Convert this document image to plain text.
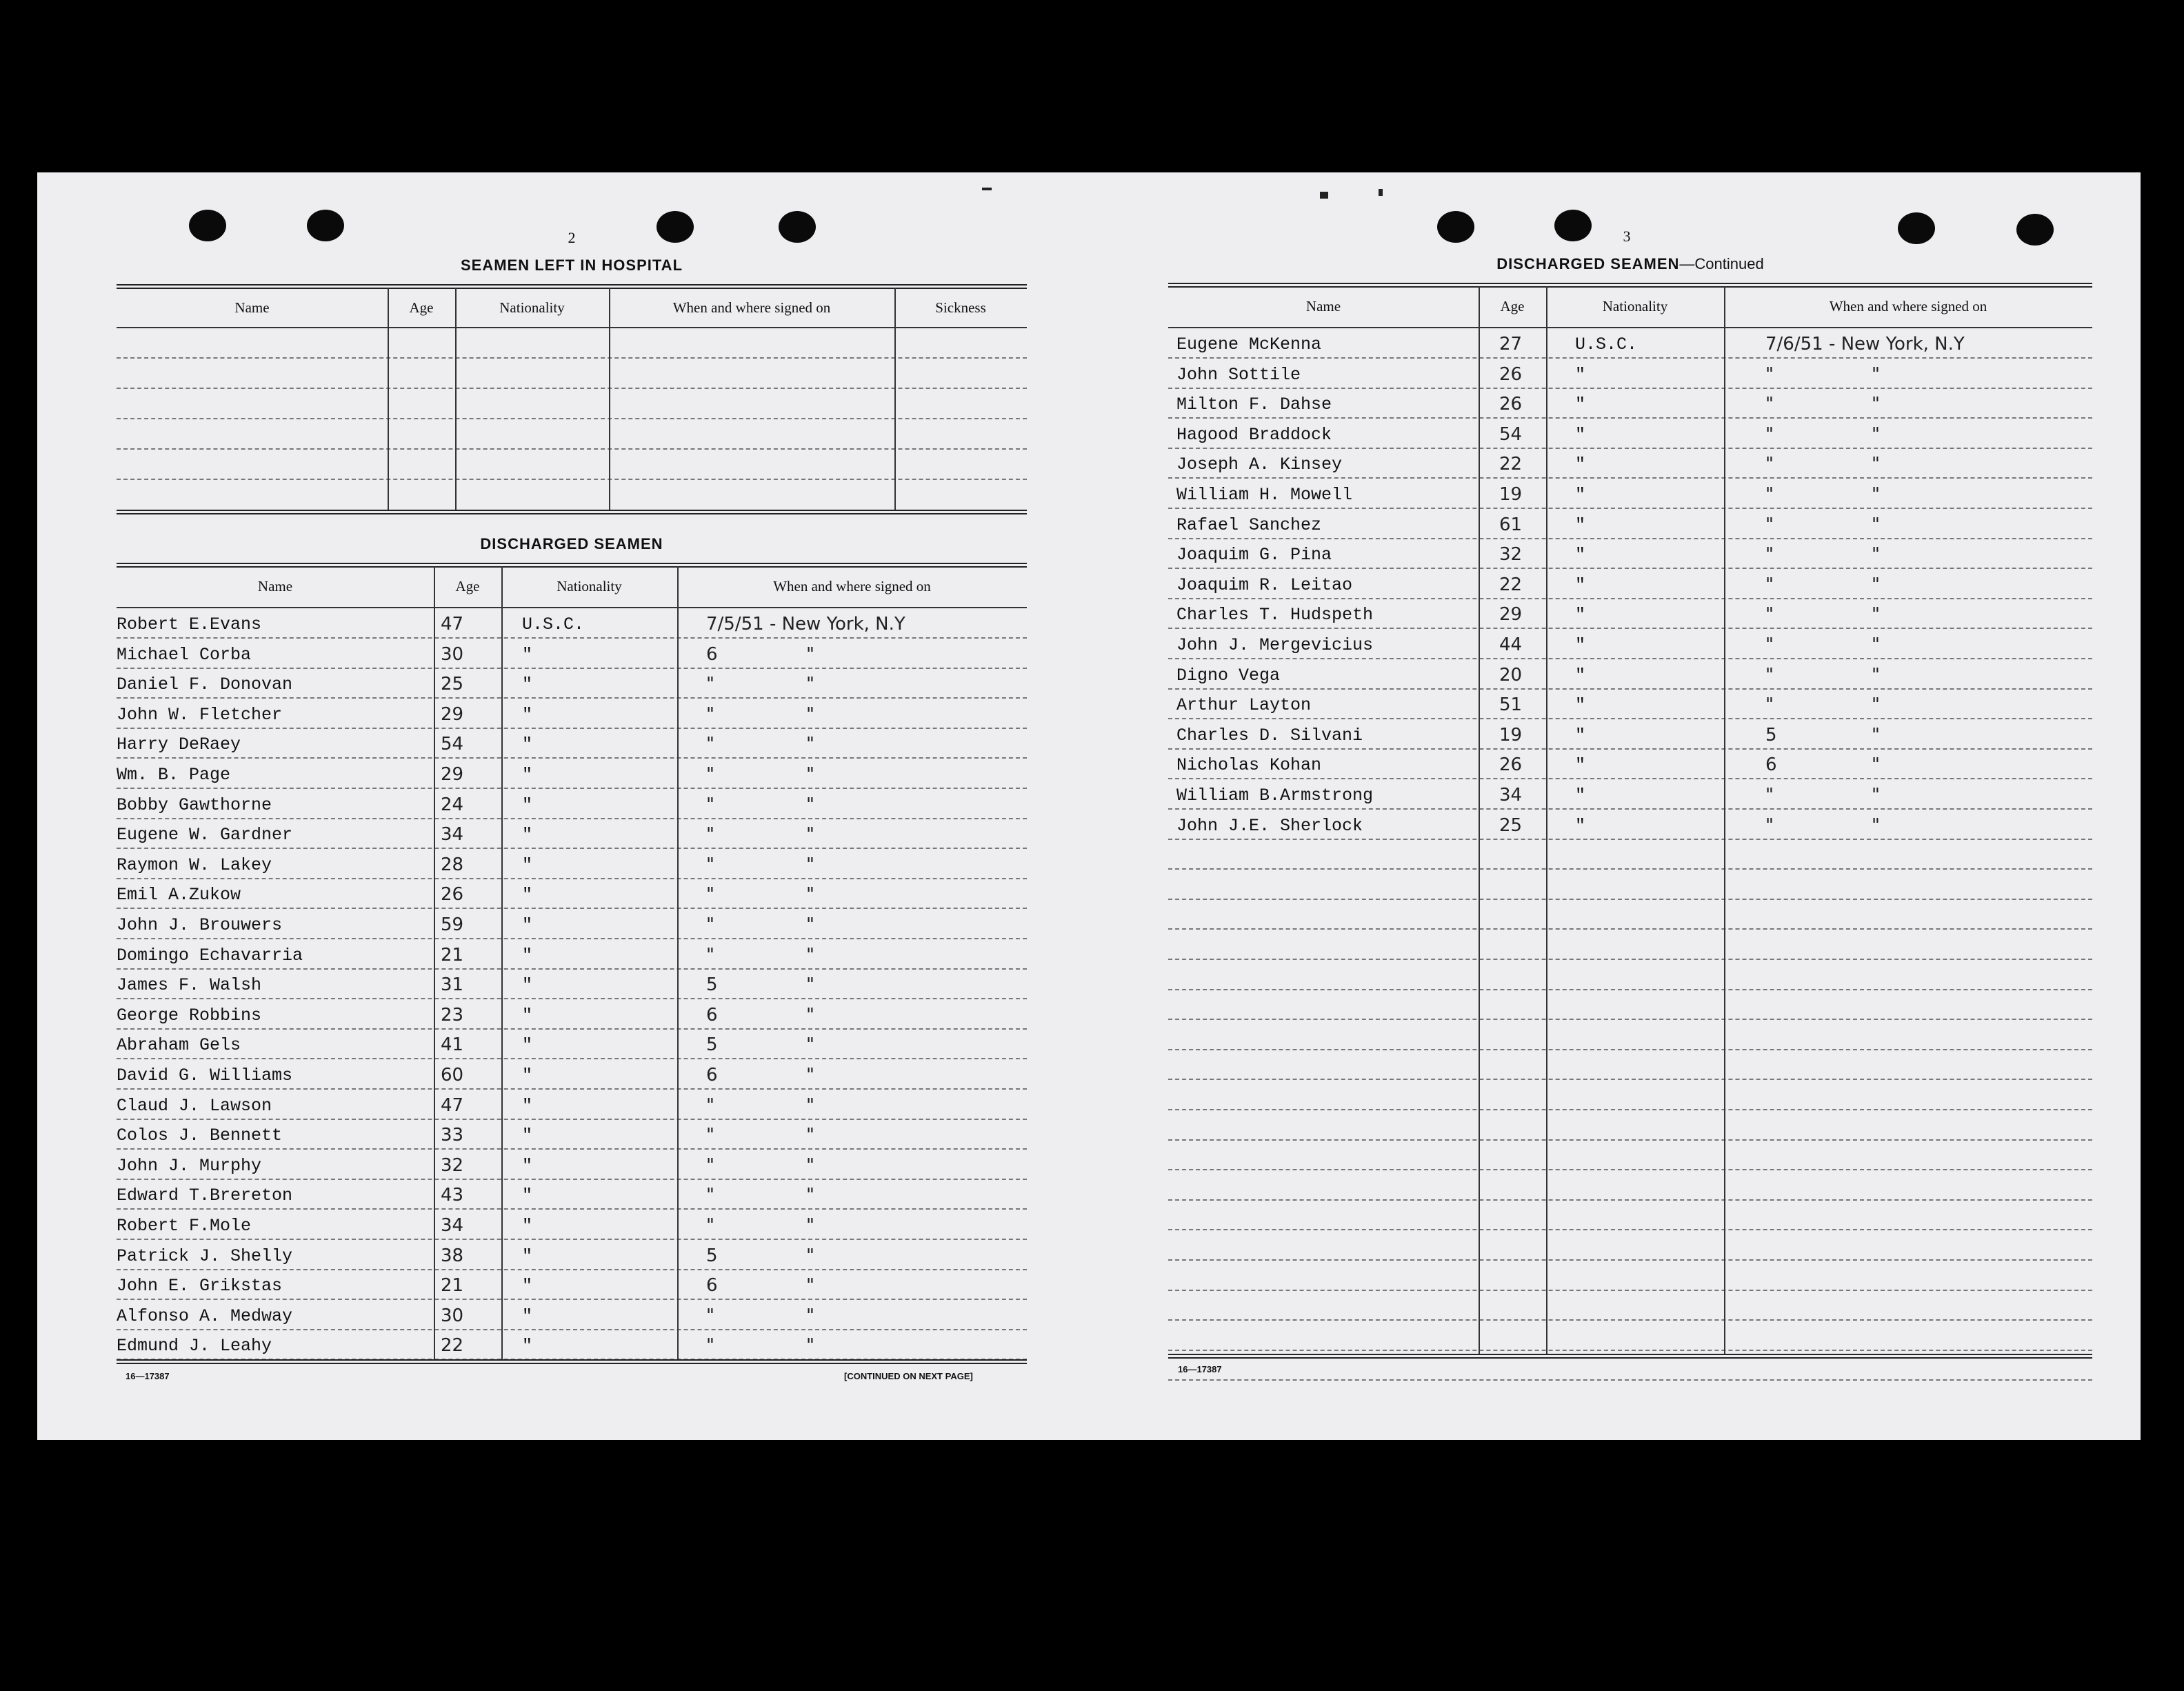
2
SEAMEN LEFT IN HOSPITAL
Name	Age	Nationality	When and where signed on	Sickness
DISCHARGED SEAMEN
Name	Age	Nationality	When and where signed on
Robert E.Evans	47	U.S.C.	7/5/51 - New York, N.Y
Michael Corba	30	"	6	"
Daniel F. Donovan	25	"	"	"
John W. Fletcher	29	"	"	"
Harry DeRaey	54	"	"	"
Wm. B. Page	29	"	"	"
Bobby Gawthorne	24	"	"	"
Eugene W. Gardner	34	"	"	"
Raymon W. Lakey	28	"	"	"
Emil A.Zukow	26	"	"	"
John J. Brouwers	59	"	"	"
Domingo Echavarria	21	"	"	"
James F. Walsh	31	"	5	"
George Robbins	23	"	6	"
Abraham Gels	41	"	5	"
David G. Williams	60	"	6	"
Claud J. Lawson	47	"	"	"
Colos J. Bennett	33	"	"	"
John J. Murphy	32	"	"	"
Edward T.Brereton	43	"	"	"
Robert F.Mole	34	"	"	"
Patrick J. Shelly	38	"	5	"
John E. Grikstas	21	"	6	"
Alfonso A. Medway	30	"	"	"
Edmund J. Leahy	22	"	"	"
16—17387	[CONTINUED ON NEXT PAGE]
3
DISCHARGED SEAMEN—Continued
Name	Age	Nationality	When and where signed on
Eugene McKenna	27	U.S.C.	7/6/51 - New York, N.Y
John Sottile	26	"	"	"
Milton F. Dahse	26	"	"	"
Hagood Braddock	54	"	"	"
Joseph A. Kinsey	22	"	"	"
William H. Mowell	19	"	"	"
Rafael Sanchez	61	"	"	"
Joaquim G. Pina	32	"	"	"
Joaquim R. Leitao	22	"	"	"
Charles T. Hudspeth	29	"	"	"
John J. Mergevicius	44	"	"	"
Digno Vega	20	"	"	"
Arthur Layton	51	"	"	"
Charles D. Silvani	19	"	5	"
Nicholas Kohan	26	"	6	"
William B.Armstrong	34	"	"	"
John J.E. Sherlock	25	"	"	"
16—17387
